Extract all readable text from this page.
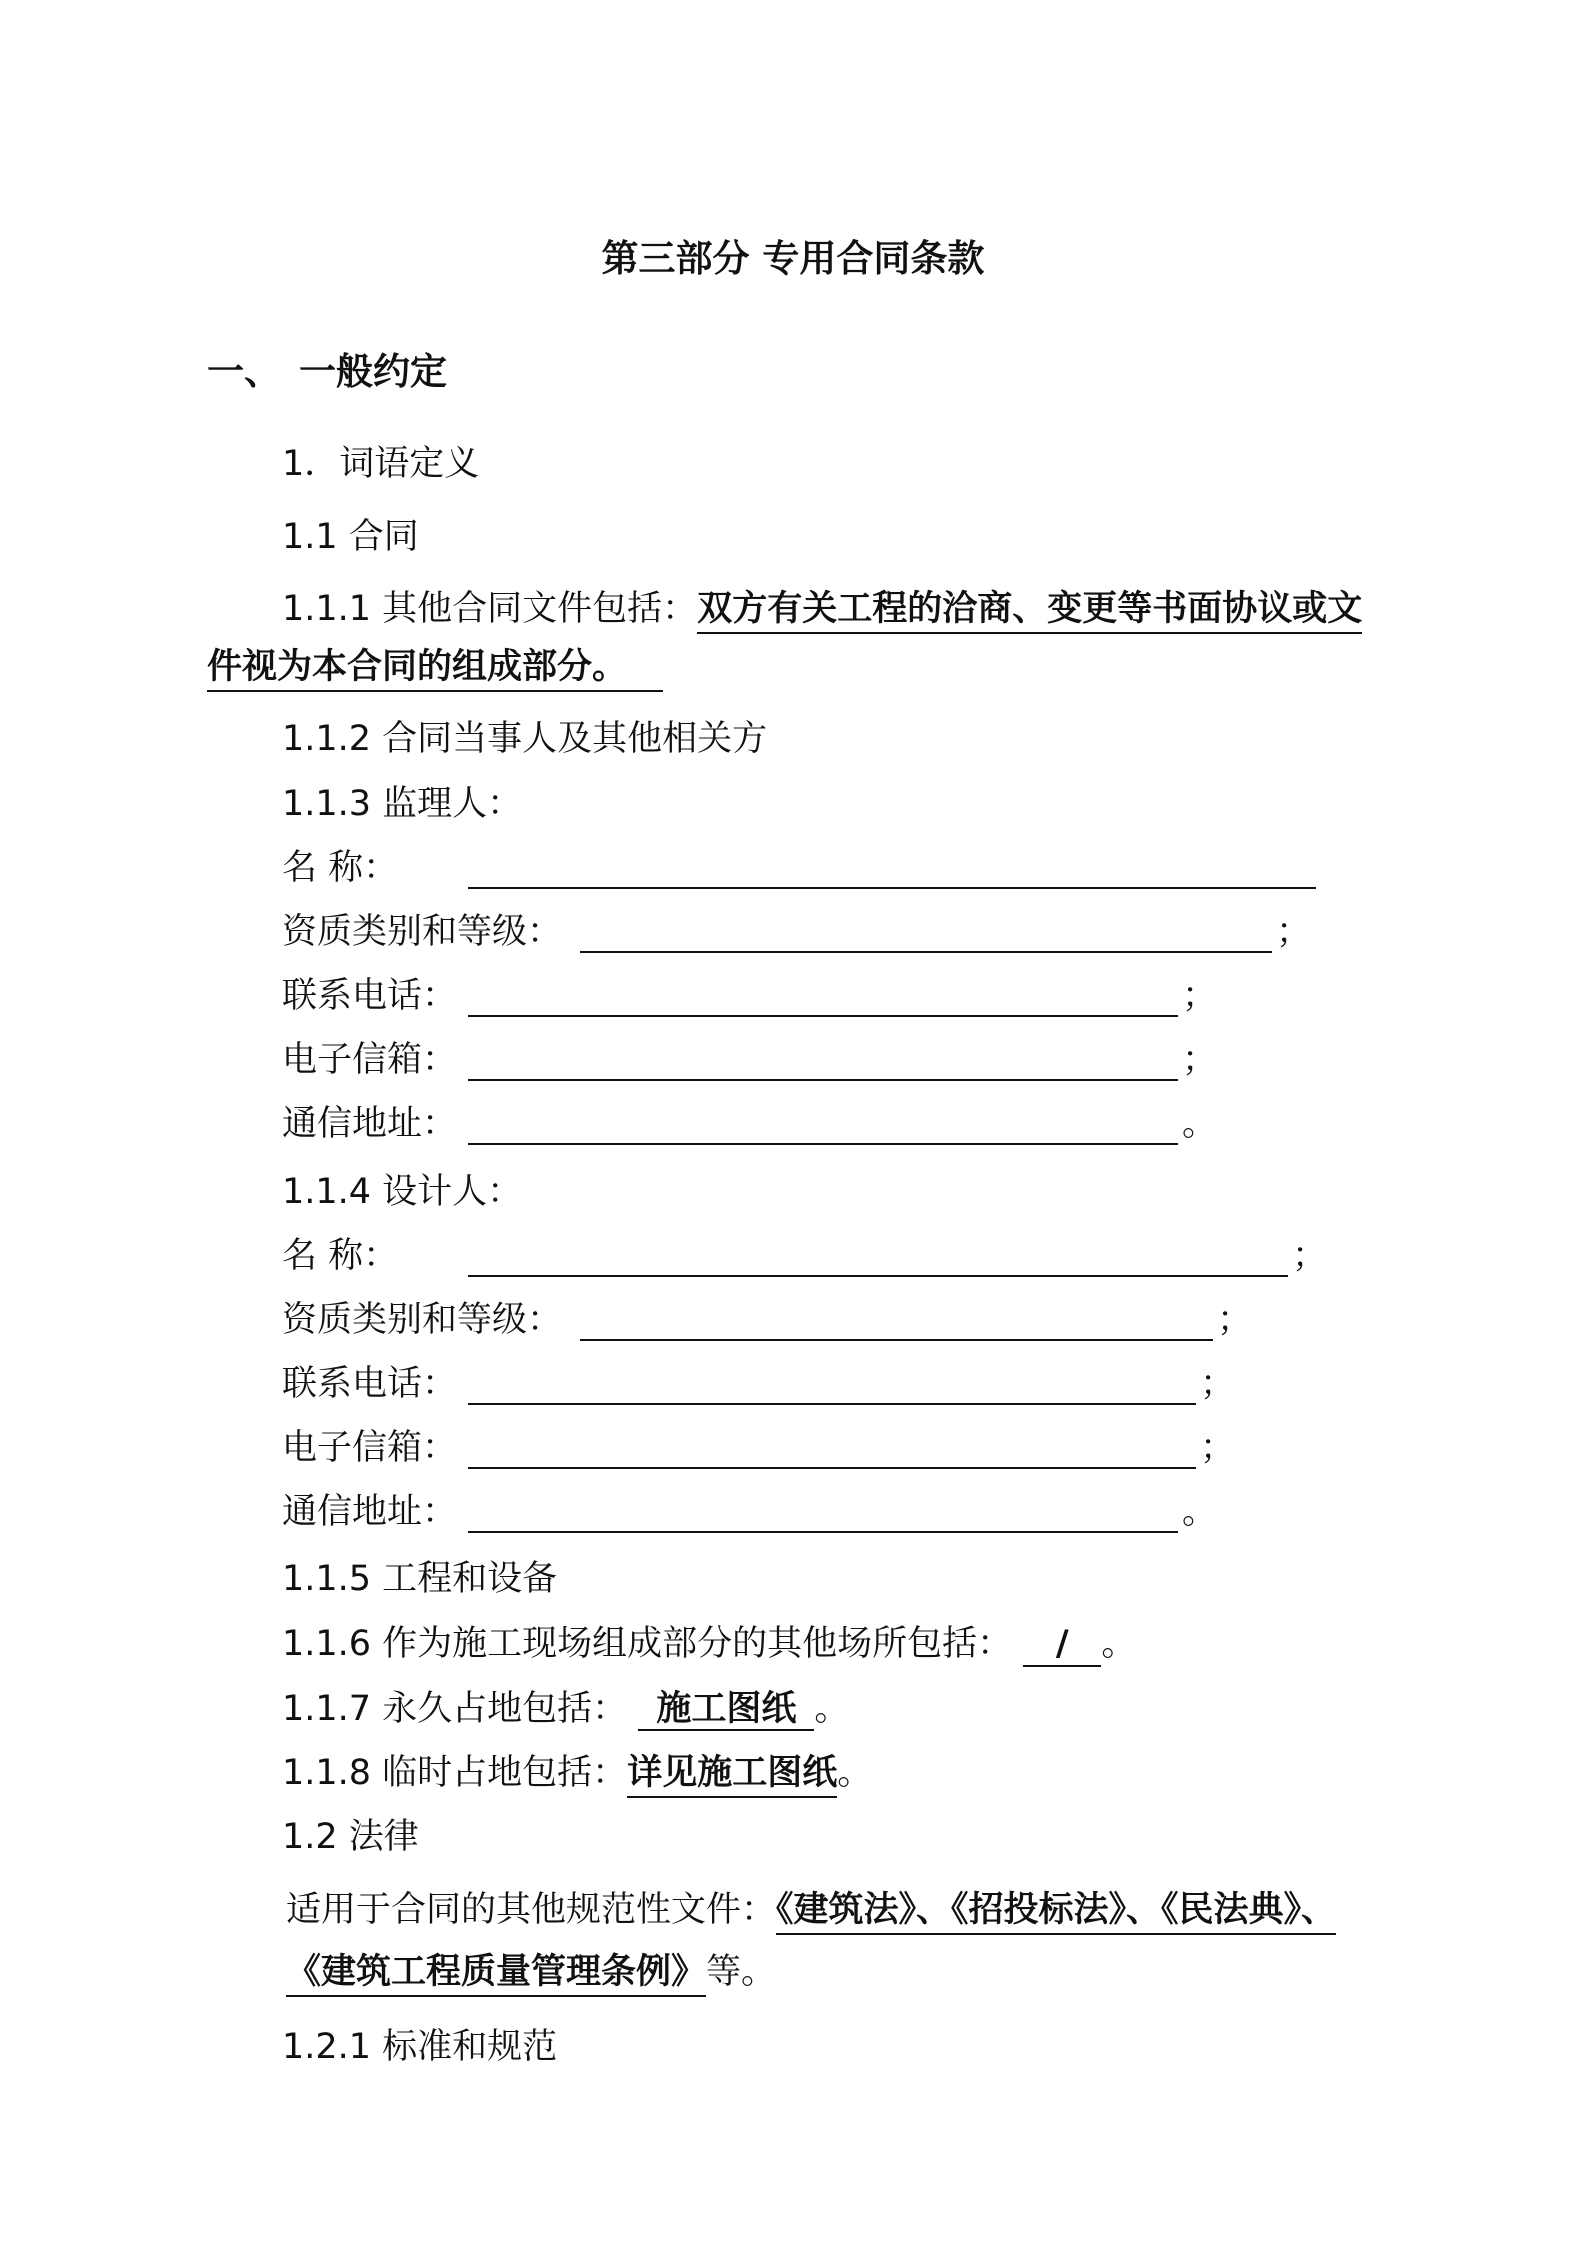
第三部分 专用合同条款
一、 一般约定
1．词语定义
1.1 合同
1.1.1 其他合同文件包括：双方有关工程的洽商、变更等书面协议或文
件视为本合同的组成部分。
1.1.2 合同当事人及其他相关方
1.1.3 监理人：
名 称：
资质类别和等级：	；
联系电话：	；
电子信箱：	；
通信地址：	。
1.1.4 设计人：
名 称：	；
资质类别和等级：	；
联系电话：	；
电子信箱：	；
通信地址：	。
1.1.5 工程和设备
1.1.6 作为施工现场组成部分的其他场所包括： / 。
1.1.7 永久占地包括： 施工图纸 。
1.1.8 临时占地包括：详见施工图纸。
1.2 法律
适用于合同的其他规范性文件：《建筑法》、《招投标法》、《民法典》、
《建筑工程质量管理条例》等。
1.2.1 标准和规范
